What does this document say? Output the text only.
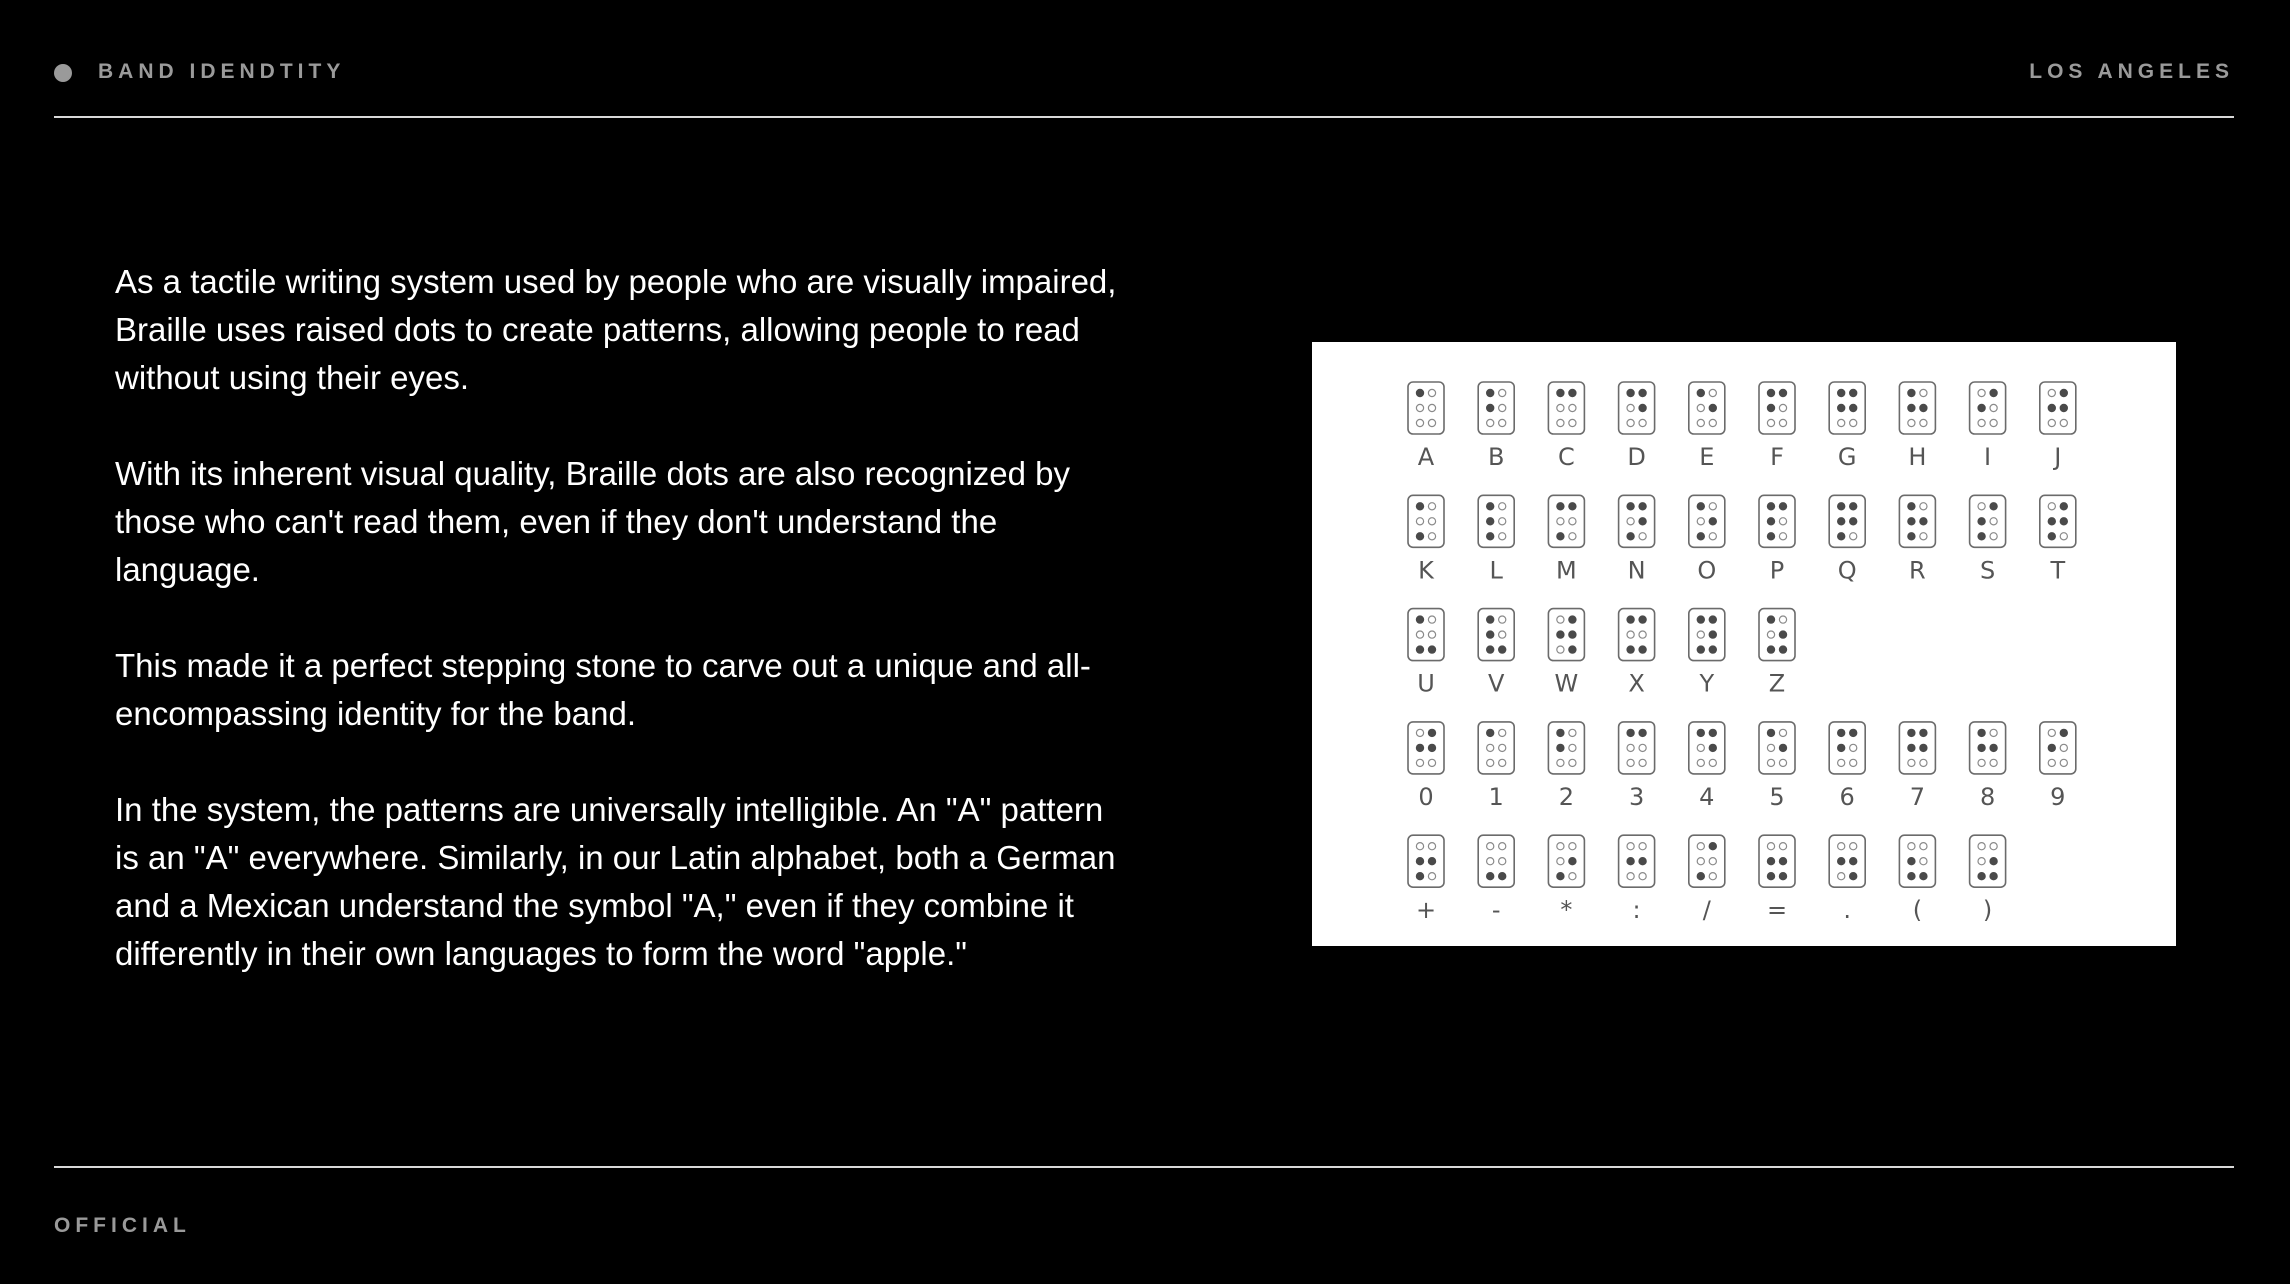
BAND IDENDTITY	LOS ANGELES

As a tactile writing system used by people who are visually impaired, Braille uses raised dots to create patterns, allowing people to read without using their eyes.

With its inherent visual quality, Braille dots are also recognized by those who can't read them, even if they don't understand the language.

This made it a perfect stepping stone to carve out a unique and all-encompassing identity for the band.

In the system, the patterns are universally intelligible. An "A" pattern is an "A" everywhere. Similarly, in our Latin alphabet, both a German and a Mexican understand the symbol "A," even if they combine it differently in their own languages to form the word "apple."

A B C D E F G H I	J
K L M N O P Q R S T
U V W X Y Z
0 1 2 3 4 5 6 7 8 9
+ - *	:	/ = .	(	)
OFFICIAL
